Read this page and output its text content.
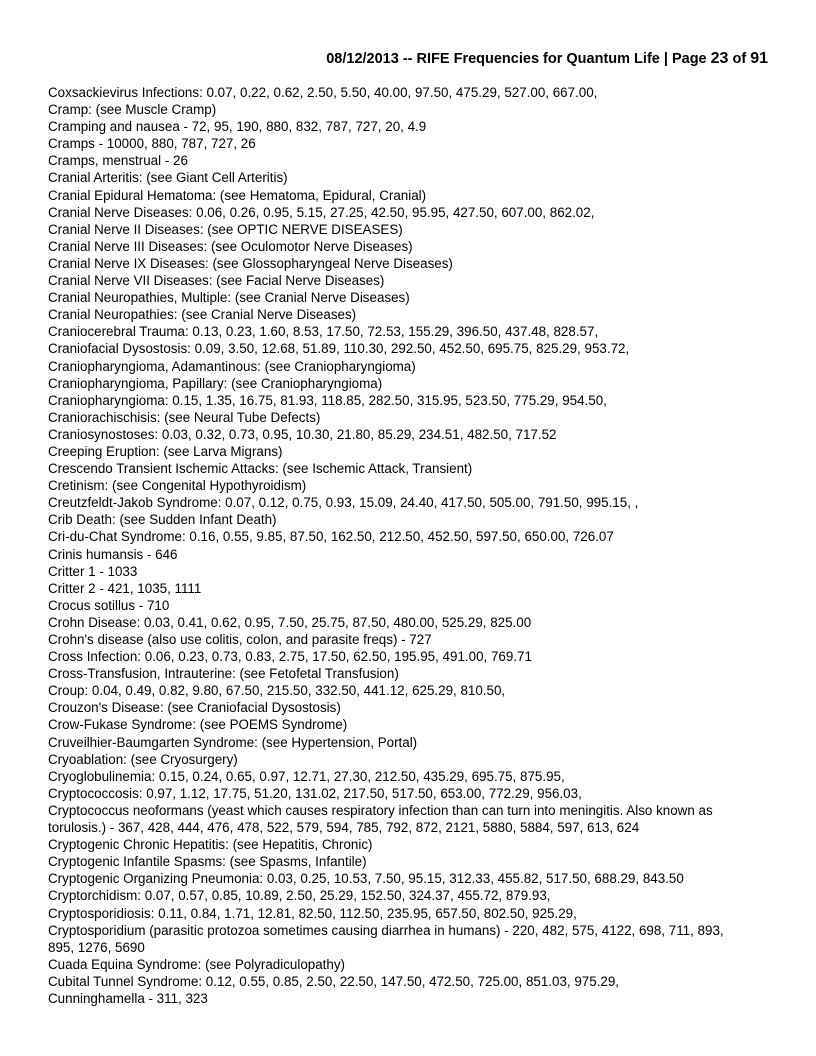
08/12/2013 -- RIFE Frequencies for Quantum Life | Page 23 of 91
Coxsackievirus Infections: 0.07, 0.22, 0.62, 2.50, 5.50, 40.00, 97.50, 475.29, 527.00, 667.00,
Cramp: (see Muscle Cramp)
Cramping and nausea - 72, 95, 190, 880, 832, 787, 727, 20, 4.9
Cramps - 10000, 880, 787, 727, 26
Cramps, menstrual - 26
Cranial Arteritis: (see Giant Cell Arteritis)
Cranial Epidural Hematoma: (see Hematoma, Epidural, Cranial)
Cranial Nerve Diseases: 0.06, 0.26, 0.95, 5.15, 27.25, 42.50, 95.95, 427.50, 607.00, 862.02,
Cranial Nerve II Diseases: (see OPTIC NERVE DISEASES)
Cranial Nerve III Diseases: (see Oculomotor Nerve Diseases)
Cranial Nerve IX Diseases: (see Glossopharyngeal Nerve Diseases)
Cranial Nerve VII Diseases: (see Facial Nerve Diseases)
Cranial Neuropathies, Multiple: (see Cranial Nerve Diseases)
Cranial Neuropathies: (see Cranial Nerve Diseases)
Craniocerebral Trauma: 0.13, 0.23, 1.60, 8.53, 17.50, 72.53, 155.29, 396.50, 437.48, 828.57,
Craniofacial Dysostosis: 0.09, 3.50, 12.68, 51.89, 110.30, 292.50, 452.50, 695.75, 825.29, 953.72,
Craniopharyngioma, Adamantinous: (see Craniopharyngioma)
Craniopharyngioma, Papillary: (see Craniopharyngioma)
Craniopharyngioma: 0.15, 1.35, 16.75, 81.93, 118.85, 282.50, 315.95, 523.50, 775.29, 954.50,
Craniorachischisis: (see Neural Tube Defects)
Craniosynostoses: 0.03, 0.32, 0.73, 0.95, 10.30, 21.80, 85.29, 234.51, 482.50, 717.52
Creeping Eruption: (see Larva Migrans)
Crescendo Transient Ischemic Attacks: (see Ischemic Attack, Transient)
Cretinism: (see Congenital Hypothyroidism)
Creutzfeldt-Jakob Syndrome: 0.07, 0.12, 0.75, 0.93, 15.09, 24.40, 417.50, 505.00, 791.50, 995.15, ,
Crib Death: (see Sudden Infant Death)
Cri-du-Chat Syndrome: 0.16, 0.55, 9.85, 87.50, 162.50, 212.50, 452.50, 597.50, 650.00, 726.07
Crinis humansis - 646
Critter 1 - 1033
Critter 2 - 421, 1035, 1111
Crocus sotillus - 710
Crohn Disease: 0.03, 0.41, 0.62, 0.95, 7.50, 25.75, 87.50, 480.00, 525.29, 825.00
Crohn's disease (also use colitis, colon, and parasite freqs) - 727
Cross Infection: 0.06, 0.23, 0.73, 0.83, 2.75, 17.50, 62.50, 195.95, 491.00, 769.71
Cross-Transfusion, Intrauterine: (see Fetofetal Transfusion)
Croup: 0.04, 0.49, 0.82, 9.80, 67.50, 215.50, 332.50, 441.12, 625.29, 810.50,
Crouzon's Disease: (see Craniofacial Dysostosis)
Crow-Fukase Syndrome: (see POEMS Syndrome)
Cruveilhier-Baumgarten Syndrome: (see Hypertension, Portal)
Cryoablation: (see Cryosurgery)
Cryoglobulinemia: 0.15, 0.24, 0.65, 0.97, 12.71, 27.30, 212.50, 435.29, 695.75, 875.95,
Cryptococcosis: 0.97, 1.12, 17.75, 51.20, 131.02, 217.50, 517.50, 653.00, 772.29, 956.03,
Cryptococcus neoformans (yeast which causes respiratory infection than can turn into meningitis. Also known as torulosis.) - 367, 428, 444, 476, 478, 522, 579, 594, 785, 792, 872, 2121, 5880, 5884, 597, 613, 624
Cryptogenic Chronic Hepatitis: (see Hepatitis, Chronic)
Cryptogenic Infantile Spasms: (see Spasms, Infantile)
Cryptogenic Organizing Pneumonia: 0.03, 0.25, 10.53, 7.50, 95.15, 312.33, 455.82, 517.50, 688.29, 843.50
Cryptorchidism: 0.07, 0.57, 0.85, 10.89, 2.50, 25.29, 152.50, 324.37, 455.72, 879.93,
Cryptosporidiosis: 0.11, 0.84, 1.71, 12.81, 82.50, 112.50, 235.95, 657.50, 802.50, 925.29,
Cryptosporidium (parasitic protozoa sometimes causing diarrhea in humans) - 220, 482, 575, 4122, 698, 711, 893, 895, 1276, 5690
Cuada Equina Syndrome: (see Polyradiculopathy)
Cubital Tunnel Syndrome: 0.12, 0.55, 0.85, 2.50, 22.50, 147.50, 472.50, 725.00, 851.03, 975.29,
Cunninghamella - 311, 323
